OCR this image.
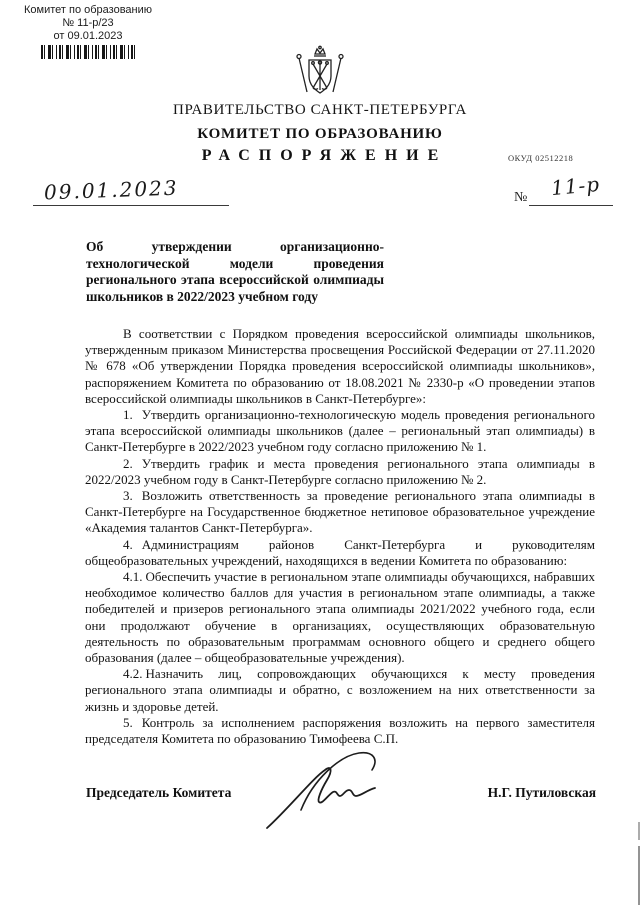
Комитет по образованию
№ 11-р/23
от 09.01.2023
ПРАВИТЕЛЬСТВО САНКТ-ПЕТЕРБУРГА
КОМИТЕТ ПО ОБРАЗОВАНИЮ
РАСПОРЯЖЕНИЕ	ОКУД 02512218
09.01.2023	№ 11-р
Об утверждении организационно-технологической модели проведения регионального этапа всероссийской олимпиады школьников в 2022/2023 учебном году

В соответствии с Порядком проведения всероссийской олимпиады школьников, утвержденным приказом Министерства просвещения Российской Федерации от 27.11.2020 № 678 «Об утверждении Порядка проведения всероссийской олимпиады школьников», распоряжением Комитета по образованию от 18.08.2021 № 2330-р «О проведении этапов всероссийской олимпиады школьников в Санкт-Петербурге»:

1. Утвердить организационно-технологическую модель проведения регионального этапа всероссийской олимпиады школьников (далее – региональный этап олимпиады) в Санкт-Петербурге в 2022/2023 учебном году согласно приложению № 1.

2. Утвердить график и места проведения регионального этапа олимпиады в 2022/2023 учебном году в Санкт-Петербурге согласно приложению № 2.

3. Возложить ответственность за проведение регионального этапа олимпиады в Санкт-Петербурге на Государственное бюджетное нетиповое образовательное учреждение «Академия талантов Санкт-Петербурга».

4. Администрациям районов Санкт-Петербурга и руководителям общеобразовательных учреждений, находящихся в ведении Комитета по образованию:

4.1. Обеспечить участие в региональном этапе олимпиады обучающихся, набравших необходимое количество баллов для участия в региональном этапе олимпиады, а также победителей и призеров регионального этапа олимпиады 2021/2022 учебного года, если они продолжают обучение в организациях, осуществляющих образовательную деятельность по образовательным программам основного общего и среднего общего образования (далее – общеобразовательные учреждения).

4.2. Назначить лиц, сопровождающих обучающихся к месту проведения регионального этапа олимпиады и обратно, с возложением на них ответственности за жизнь и здоровье детей.

5. Контроль за исполнением распоряжения возложить на первого заместителя председателя Комитета по образованию Тимофеева С.П.

Председатель Комитета	Н.Г. Путиловская
